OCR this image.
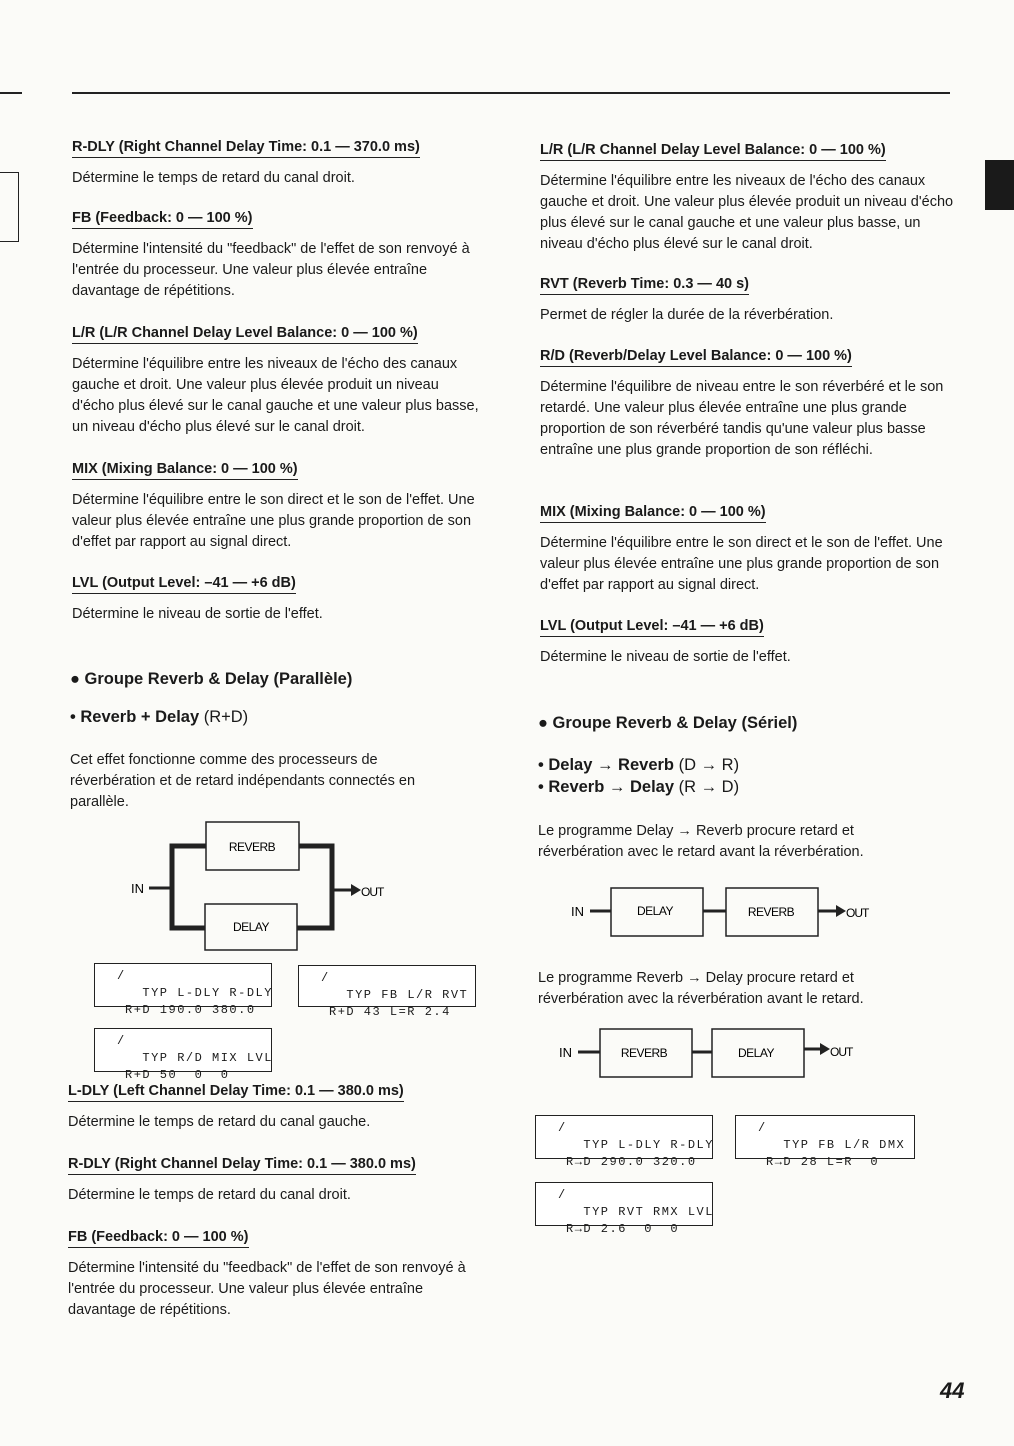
R-DLY (Right Channel Delay Time: 0.1 — 370.0 ms)

Détermine le temps de retard du canal droit.

FB (Feedback: 0 — 100 %)

Détermine l'intensité du "feedback" de l'effet de son renvoyé à l'entrée du processeur. Une valeur plus élevée entraîne davantage de répétitions.

L/R (L/R Channel Delay Level Balance: 0 — 100 %)

Détermine l'équilibre entre les niveaux de l'écho des canaux gauche et droit. Une valeur plus élevée produit un niveau d'écho plus élevé sur le canal gauche et une valeur plus basse, un niveau d'écho plus élevé sur le canal droit.

MIX (Mixing Balance: 0 — 100 %)

Détermine l'équilibre entre le son direct et le son de l'effet. Une valeur plus élevée entraîne une plus grande proportion de son d'effet par rapport au signal direct.

LVL (Output Level: –41 — +6 dB)

Détermine le niveau de sortie de l'effet.

● Groupe Reverb & Delay (Parallèle)
• Reverb + Delay (R+D)

Cet effet fonctionne comme des processeurs de réverbération et de retard indépendants connectés en parallèle.

IN	OUT
REVERB
DELAY

/
TYP L-DLY R-DLY
R+D 190.0 380.0

/
TYP FB L/R RVT
R+D 43 L=R 2.4

/
TYP R/D MIX LVL
R+D 50  0  0
L-DLY (Left Channel Delay Time: 0.1 — 380.0 ms)

Détermine le temps de retard du canal gauche.

R-DLY (Right Channel Delay Time: 0.1 — 380.0 ms)

Détermine le temps de retard du canal droit.

FB (Feedback: 0 — 100 %)

Détermine l'intensité du "feedback" de l'effet de son renvoyé à l'entrée du processeur. Une valeur plus élevée entraîne davantage de répétitions.

L/R (L/R Channel Delay Level Balance: 0 — 100 %)

Détermine l'équilibre entre les niveaux de l'écho des canaux gauche et droit. Une valeur plus élevée produit un niveau d'écho plus élevé sur le canal gauche et une valeur plus basse, un niveau d'écho plus élevé sur le canal droit.

RVT (Reverb Time: 0.3 — 40 s)

Permet de régler la durée de la réverbération.

R/D (Reverb/Delay Level Balance: 0 — 100 %)

Détermine l'équilibre de niveau entre le son réverbéré et le son retardé. Une valeur plus élevée entraîne une plus grande proportion de son réverbéré tandis qu'une valeur plus basse entraîne une plus grande proportion de son réfléchi.

MIX (Mixing Balance: 0 — 100 %)

Détermine l'équilibre entre le son direct et le son de l'effet. Une valeur plus élevée entraîne une plus grande proportion de son d'effet par rapport au signal direct.

LVL (Output Level: –41 — +6 dB)

Détermine le niveau de sortie de l'effet.

● Groupe Reverb & Delay (Sériel)
• Delay → Reverb (D → R)
• Reverb → Delay (R → D)

Le programme Delay → Reverb procure retard et réverbération avec le retard avant la réverbération.

IN	OUT
DELAY	REVERB

Le programme Reverb → Delay procure retard et réverbération avec la réverbération avant le retard.

IN	OUT
REVERB	DELAY

/
TYP L-DLY R-DLY
R→D 290.0 320.0

/
TYP FB L/R DMX
R→D 28 L=R  0

/
TYP RVT RMX LVL
R→D 2.6  0  0
44
